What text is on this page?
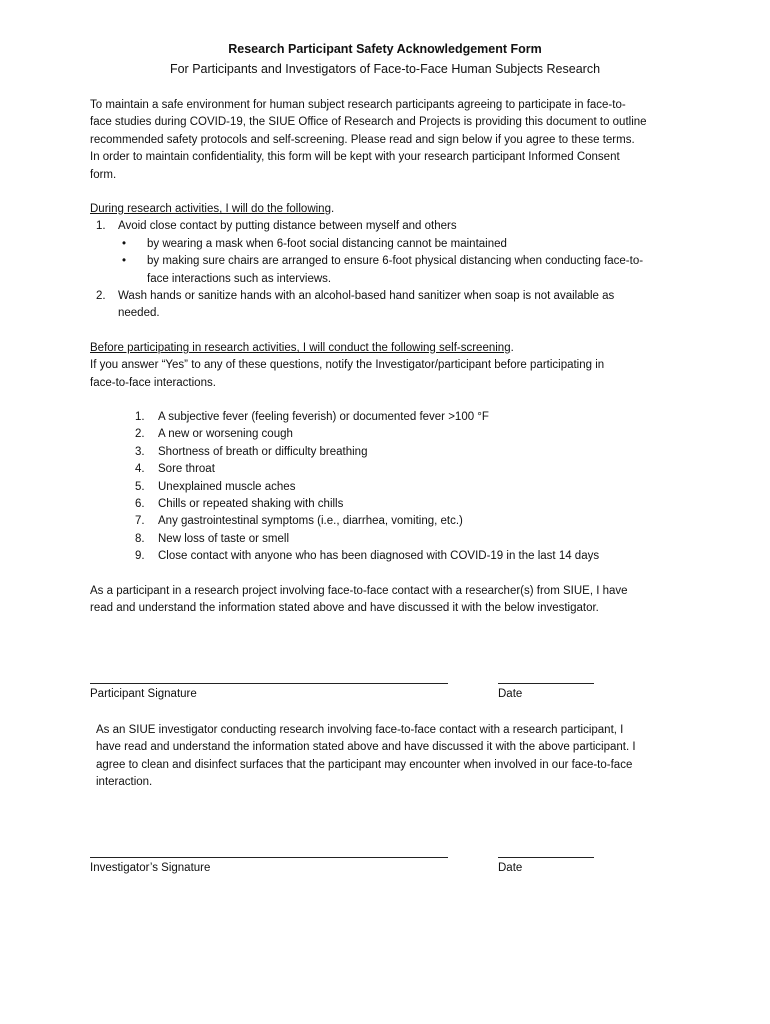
Research Participant Safety Acknowledgement Form
For Participants and Investigators of Face-to-Face Human Subjects Research
To maintain a safe environment for human subject research participants agreeing to participate in face-to-
face studies during COVID-19, the SIUE Office of Research and Projects is providing this document to outline
recommended safety protocols and self-screening. Please read and sign below if you agree to these terms.
In order to maintain confidentiality, this form will be kept with your research participant Informed Consent
form.
During research activities, I will do the following.
1.	Avoid close contact by putting distance between myself and others
• by wearing a mask when 6-foot social distancing cannot be maintained
• by making sure chairs are arranged to ensure 6-foot physical distancing when conducting face-to-
face interactions such as interviews.
2.	Wash hands or sanitize hands with an alcohol-based hand sanitizer when soap is not available as
needed.
Before participating in research activities, I will conduct the following self-screening.
If you answer “Yes” to any of these questions, notify the Investigator/participant before participating in
face-to-face interactions.
1.	A subjective fever (feeling feverish) or documented fever >100 °F
2.	A new or worsening cough
3.	Shortness of breath or difficulty breathing
4.	Sore throat
5.	Unexplained muscle aches
6.	Chills or repeated shaking with chills
7.	Any gastrointestinal symptoms (i.e., diarrhea, vomiting, etc.)
8.	New loss of taste or smell
9.	Close contact with anyone who has been diagnosed with COVID-19 in the last 14 days
As a participant in a research project involving face-to-face contact with a researcher(s) from SIUE, I have
read and understand the information stated above and have discussed it with the below investigator.
Participant Signature	Date
As an SIUE investigator conducting research involving face-to-face contact with a research participant, I
have read and understand the information stated above and have discussed it with the above participant. I
agree to clean and disinfect surfaces that the participant may encounter when involved in our face-to-face
interaction.
Investigator’s Signature	Date
